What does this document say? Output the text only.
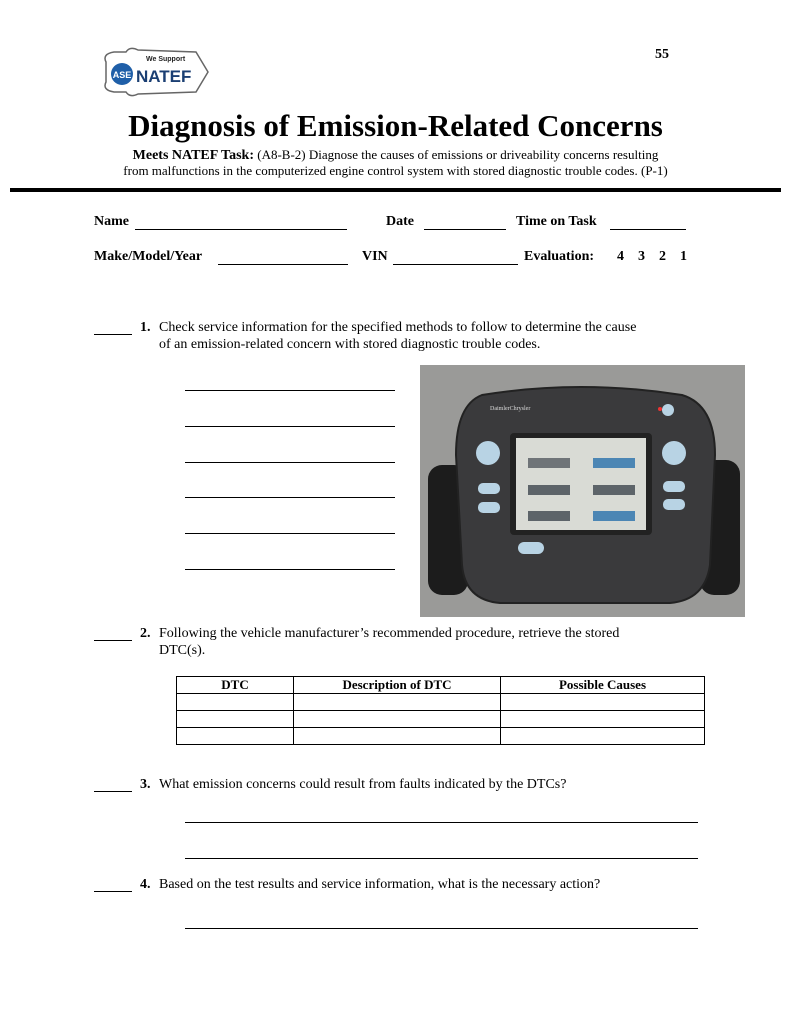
ASE NATEF
We Support	55
Diagnosis of Emission-Related Concerns
Meets NATEF Task: (A8-B-2) Diagnose the causes of emissions or driveability concerns resulting
from malfunctions in the computerized engine control system with stored diagnostic trouble codes. (P-1)
Name	Date	Time on Task
Make/Model/Year	VIN	Evaluation: 4 3 2 1
1. Check service information for the specified methods to follow to determine the cause
of an emission-related concern with stored diagnostic trouble codes.
DaimlerChrysler
2. Following the vehicle manufacturer’s recommended procedure, retrieve the stored
DTC(s).
DTC	Description of DTC	Possible Causes

3. What emission concerns could result from faults indicated by the DTCs?
4. Based on the test results and service information, what is the necessary action?
